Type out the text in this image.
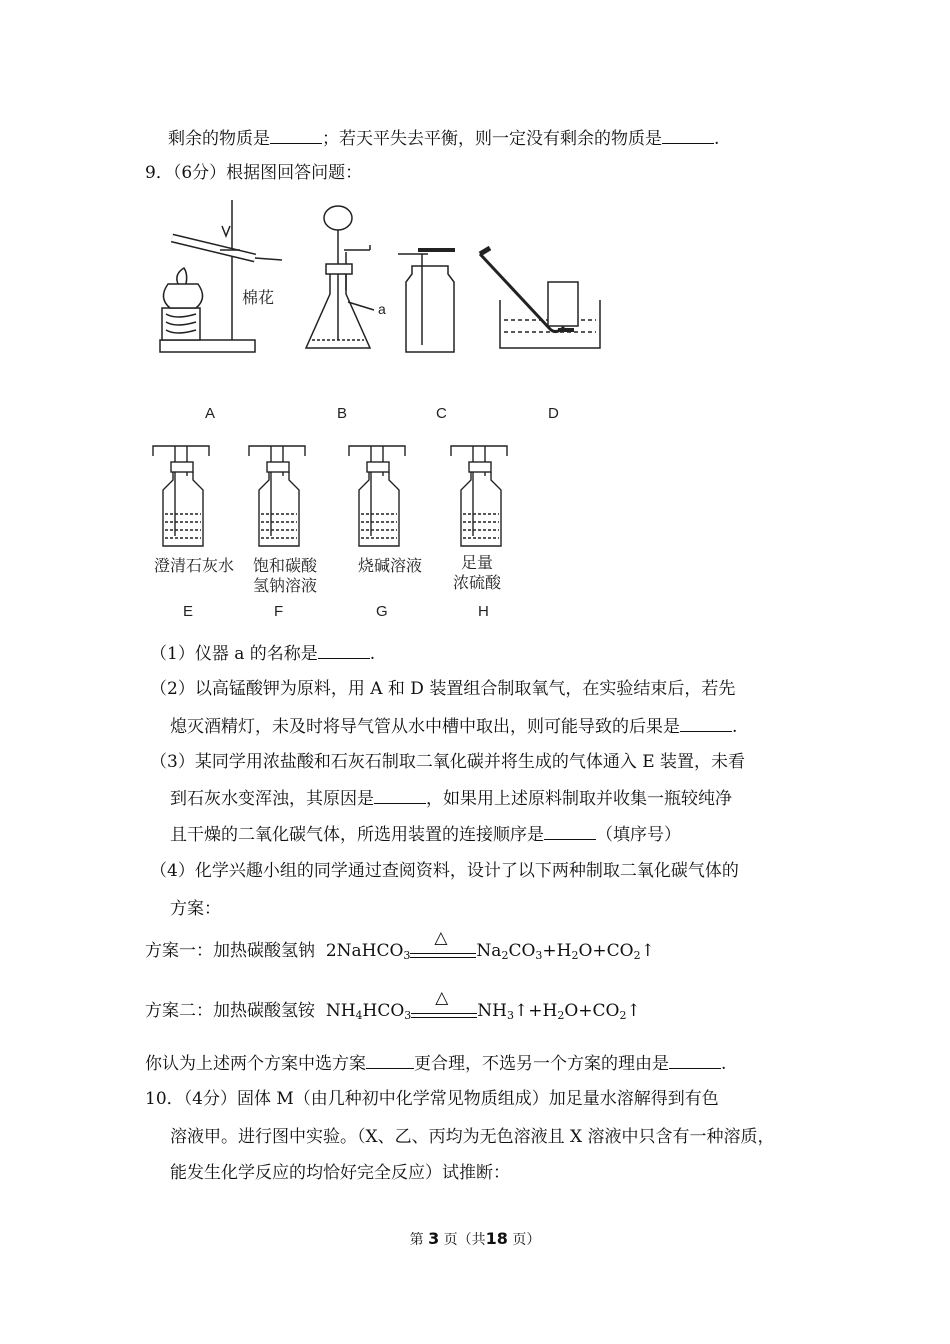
剩余的物质是	；若天平失去平衡，则一定没有剩余的物质是	.
9．（6分）根据图回答问题：
a
棉花
A	B	C	D
澄清石灰水	饱和碳酸
氢钠溶液
烧碱溶液	足量
浓硫酸
E	F	G	H
（1）仪器 a 的名称是	.
（2）以高锰酸钾为原料，用 A 和 D 装置组合制取氧气，在实验结束后，若先
熄灭酒精灯，未及时将导气管从水中槽中取出，则可能导致的后果是	.
（3）某同学用浓盐酸和石灰石制取二氧化碳并将生成的气体通入 E 装置，未看
到石灰水变浑浊，其原因是	，如果用上述原料制取并收集一瓶较纯净
且干燥的二氧化碳气体，所选用装置的连接顺序是	（填序号）
（4）化学兴趣小组的同学通过查阅资料，设计了以下两种制取二氧化碳气体的
方案：
方案一：加热碳酸氢钠 2NaHCO$_3$
△
$Na_2CO_3+H_2O+CO_2↑$
方案二：加热碳酸氢铵 $NH_4HCO_3$
△
$NH_3↑+H_2O+CO_2↑$
你认为上述两个方案中选方案	更合理，不选另一个方案的理由是	.
10．（4分）固体 M（由几种初中化学常见物质组成）加足量水溶解得到有色
溶液甲。进行图中实验。（X、乙、丙均为无色溶液且 X 溶液中只含有一种溶质，
能发生化学反应的均恰好完全反应）试推断：
第 3 页（共18 页）
